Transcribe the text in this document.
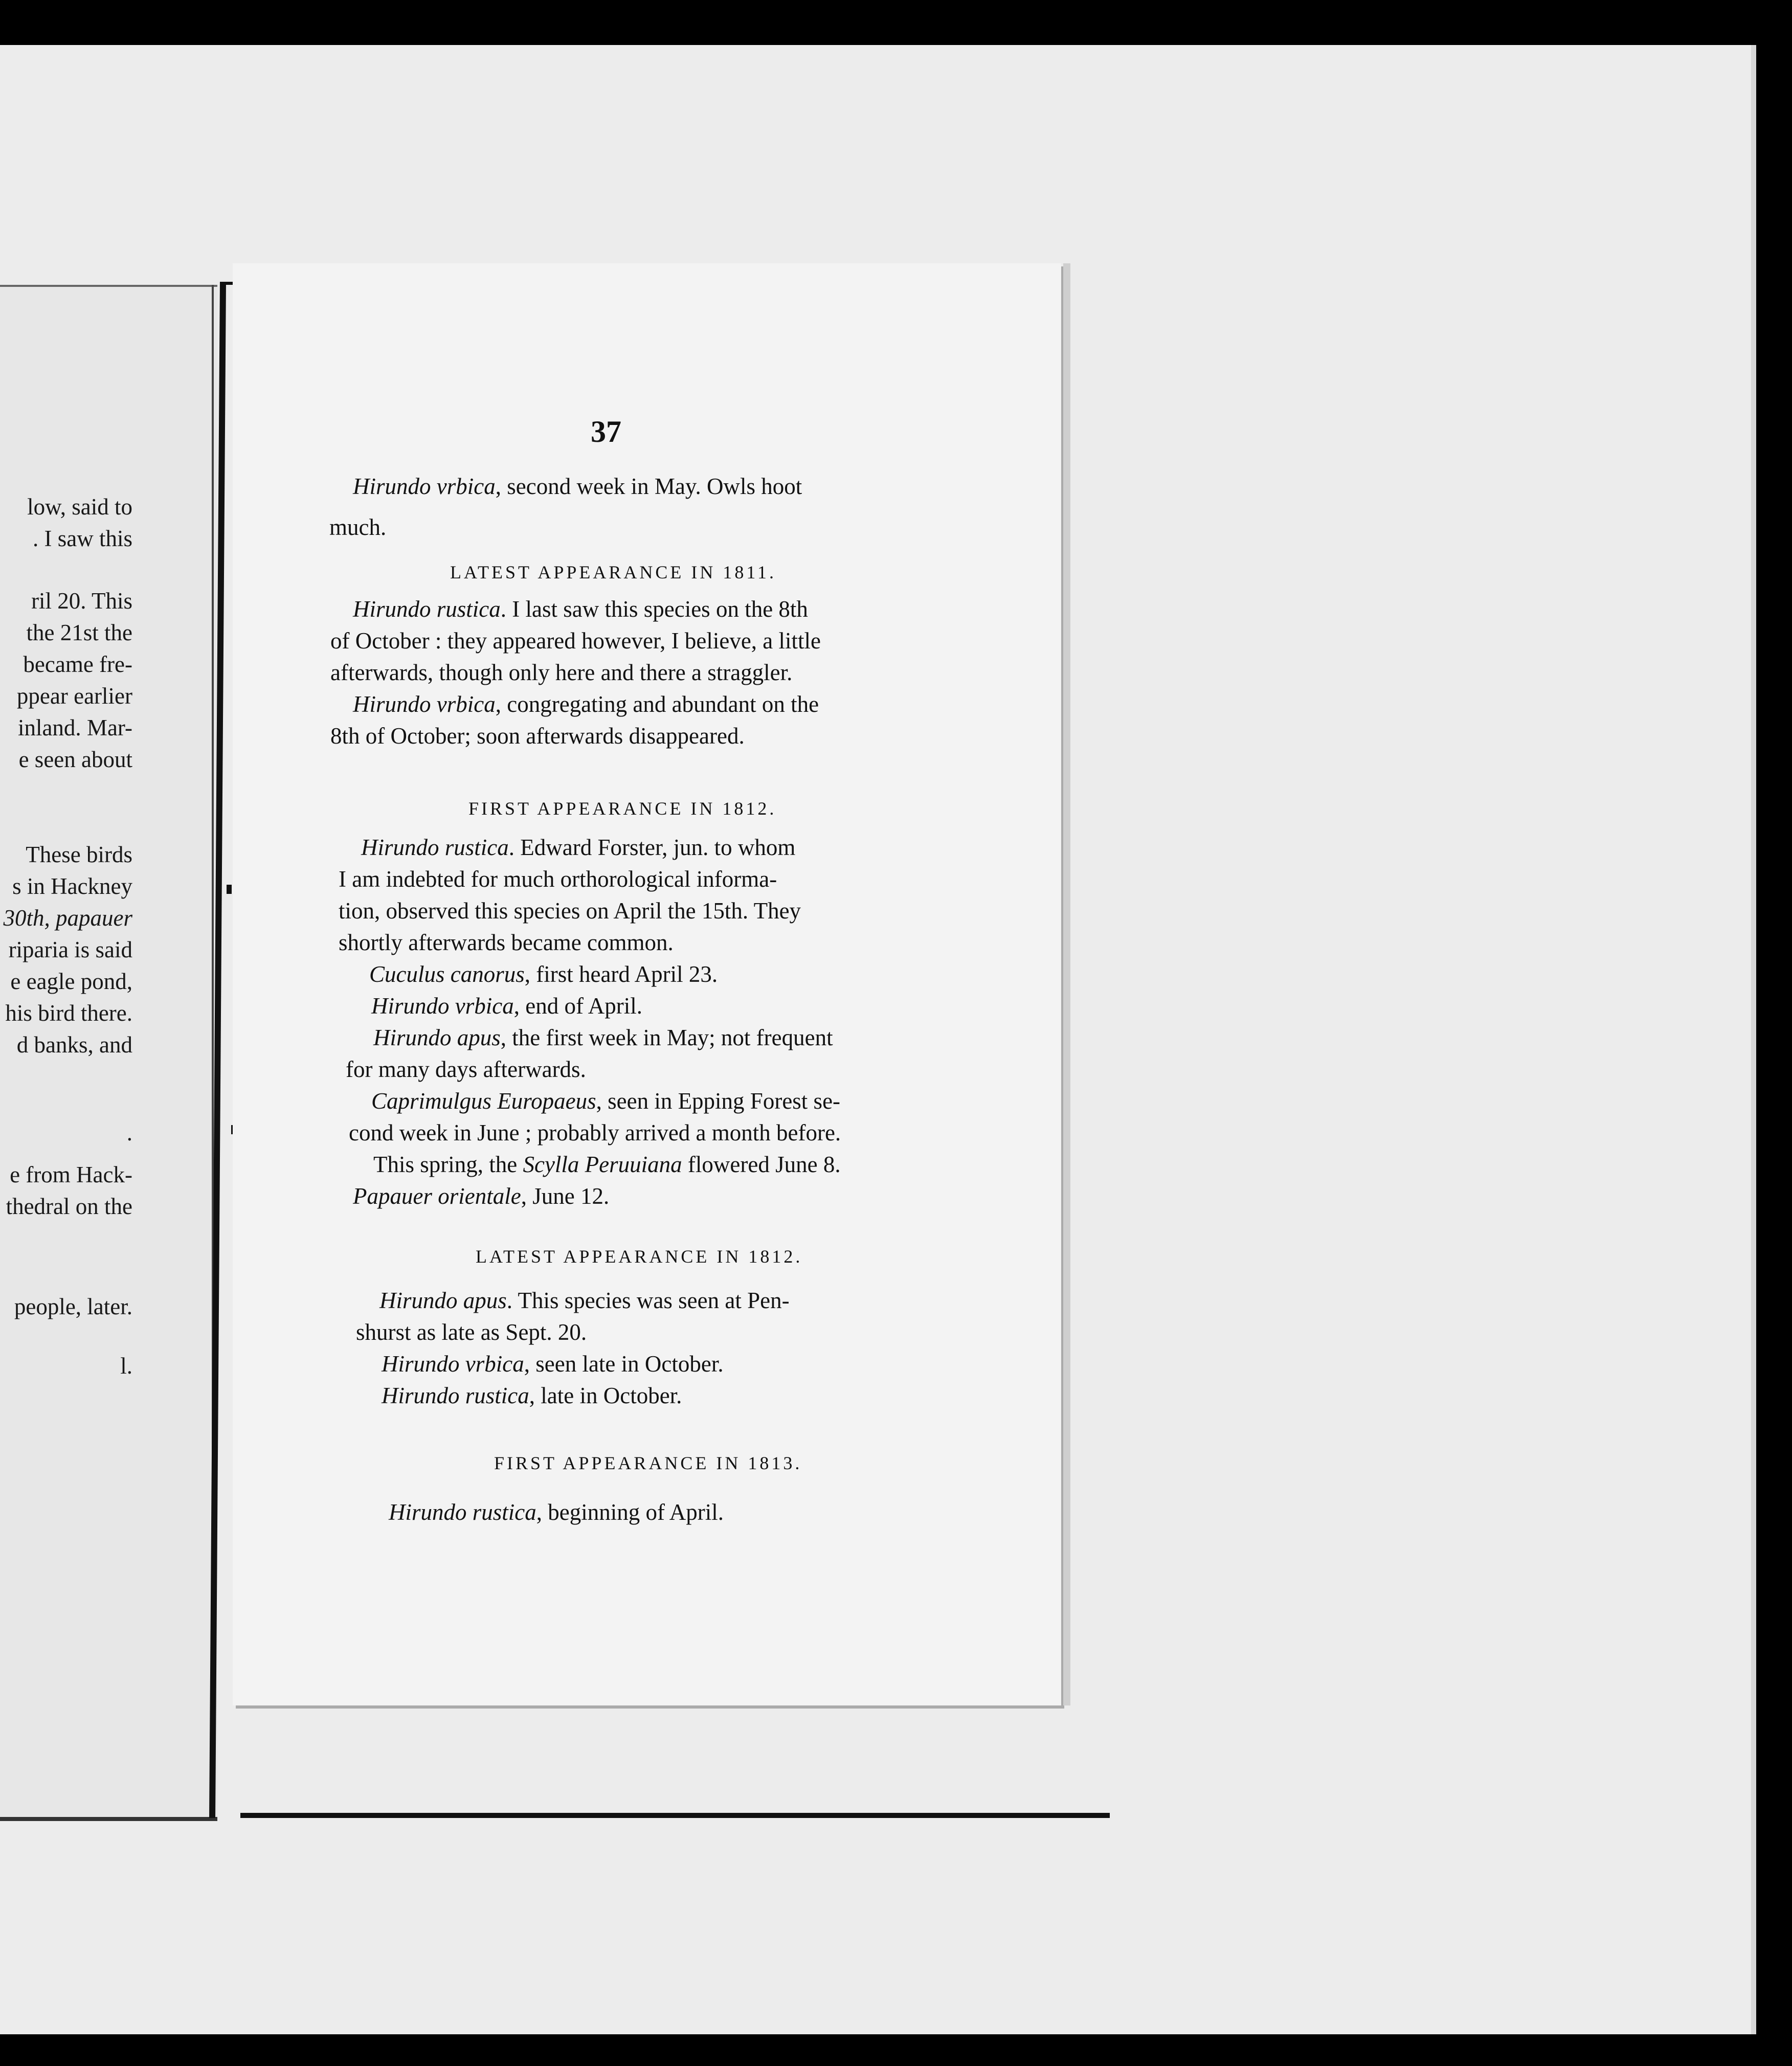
low, said to
. I saw this
ril 20. This
the 21st the
became fre-
ppear earlier
inland. Mar-
e seen about
These birds
s in Hackney
30th, papauer
riparia is said
e eagle pond,
his bird there.
d banks, and
.
e from Hack-
thedral on the
people, later.
l.
37
Hirundo vrbica, second week in May. Owls hoot
much.
LATEST APPEARANCE IN 1811.
Hirundo rustica. I last saw this species on the 8th
of October : they appeared however, I believe, a little
afterwards, though only here and there a straggler.
Hirundo vrbica, congregating and abundant on the
8th of October; soon afterwards disappeared.
FIRST APPEARANCE IN 1812.
Hirundo rustica. Edward Forster, jun. to whom
I am indebted for much orthorological informa-
tion, observed this species on April the 15th. They
shortly afterwards became common.
Cuculus canorus, first heard April 23.
Hirundo vrbica, end of April.
Hirundo apus, the first week in May; not frequent
for many days afterwards.
Caprimulgus Europaeus, seen in Epping Forest se-
cond week in June ; probably arrived a month before.
This spring, the Scylla Peruuiana flowered June 8.
Papauer orientale, June 12.
LATEST APPEARANCE IN 1812.
Hirundo apus. This species was seen at Pen-
shurst as late as Sept. 20.
Hirundo vrbica, seen late in October.
Hirundo rustica, late in October.
FIRST APPEARANCE IN 1813.
Hirundo rustica, beginning of April.
